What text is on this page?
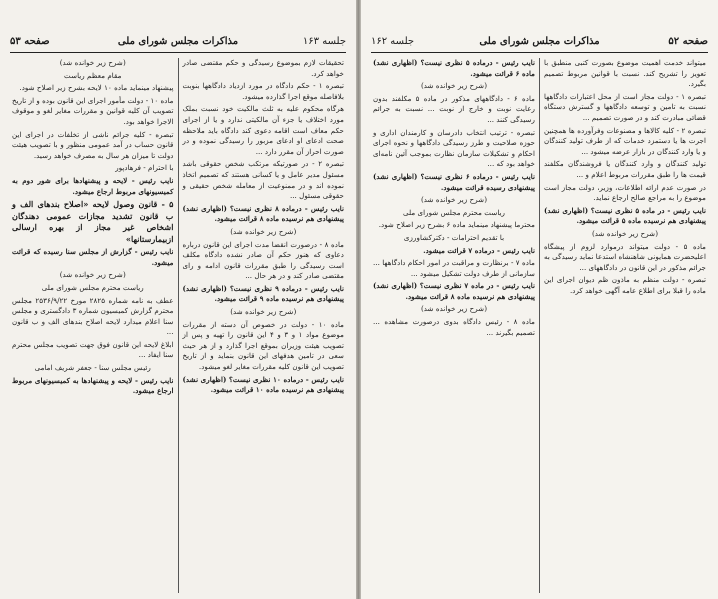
جلسه ۱۶۳
مذاکرات مجلس شورای ملی
صفحه ۵۳

تحقیقات لازم بموضوع رسیدگی و حکم مقتضی صادر خواهد کرد.

تبصره ۱ - حکم دادگاه در مورد ازدیاد دادگاهها بنوبت بلافاصله موقع اجرا گذارده میشود.

هرگاه محکوم علیه به ثلث مالکیت خود نسبت بملک مورد اختلاف یا جزء آن مالکیتی ندارد و یا از اجرای حکم معاف است اقامه دعوی کند دادگاه باید ملاحظه صحت ادعای او ادعای مزبور را رسیدگی نموده و در صورت احراز آن مقرر دارد ...

تبصره ۲ - در صورتیکه مرتکب شخص حقوقی باشد مسئول مدیر عامل و یا کسانی هستند که تصمیم اتخاذ نموده اند و در ممنوعیت از معامله شخص حقیقی و حقوقی مسئول ...

نایب رئیس - درماده ۸ نظری نیست؟ (اظهاری نشد) پیشنهادی هم نرسیده ماده ۸ قرائت میشود.

(شرح زیر خوانده شد)

ماده ۸ - درصورت انقضا مدت اجرای این قانون درباره دعاوی که هنوز حکم آن صادر نشده دادگاه مکلف است رسیدگی را طبق مقررات قانون ادامه و رای مقتضی صادر کند و در هر حال ...

نایب رئیس - درماده ۹ نظری نیست؟ (اظهاری نشد) پیشنهادی هم نرسیده ماده ۹ قرائت میشود.

(شرح زیر خوانده شد)

ماده ۱۰ - دولت در خصوص آن دسته از مقررات موضوع مواد ۱ و ۳ و ۴ این قانون را تهیه و پس از تصویب هیئت وزیران بموقع اجرا گذارد و از هر حیث سعی در تامین هدفهای این قانون بنماید و از تاریخ تصویب این قانون کلیه مقررات مغایر لغو میشود.

نایب رئیس - درماده ۱۰ نظری نیست؟ (اظهاری نشد) پیشنهادی هم نرسیده ماده ۱۰ قرائت میشود.

(شرح زیر خوانده شد)

مقام معظم ریاست

پیشنهاد مینماید ماده ۱۰ لایحه بشرح زیر اصلاح شود.

ماده ۱۰ - دولت مأمور اجرای این قانون بوده و از تاریخ تصویب آن کلیه قوانین و مقررات مغایر لغو و موقوف الاجرا خواهد بود.

تبصره - کلیه جرائم ناشی از تخلفات در اجرای این قانون حساب در آمد عمومی منظور و با تصویب هیئت دولت تا میزان هر سال به مصرف خواهد رسید.

با احترام - فرهادپور

نایب رئیس - لایحه و پیشنهادها برای شور دوم به کمیسیونهای مربوط ارجاع میشود.

۵ - قانون وصول لایحه «اصلاح بندهای الف و ب قانون تشدید مجازات عمومی دهندگان اشخاص غیر مجاز از بهره ارسالی ازبیمارستانها»

نایب رئیس - گزارش از مجلس سنا رسیده که قرائت میشود.

(شرح زیر خوانده شد)

ریاست محترم مجلس شورای ملی

عطف به نامه شماره ۲۸۲۵ مورخ ۲۵۳۶/۹/۲۲ مجلس محترم گزارش کمیسیون شماره ۳ دادگستری و مجلس سنا اعلام میدارد لایحه اصلاح بندهای الف و ب قانون ...

ابلاغ لایحه این قانون فوق جهت تصویب مجلس محترم سنا ایفاد ...

رئیس مجلس سنا - جعفر شریف امامی

نایب رئیس - لایحه و پیشنهادها به کمیسیونهای مربوط ارجاع میشود.

صفحه ۵۲
مذاکرات مجلس شورای ملی
جلسه ۱۶۲

میتواند خدمت اهمیت موضوع بصورت کتبی منطبق با تعویز را تشریح کند. نسبت با قوانین مربوط تصمیم بگیرد.

تبصره ۱ - دولت مجاز است از محل اعتبارات دادگاهها نسبت به تامین و توسعه دادگاهها و گسترش دستگاه قضائی مبادرت کند و در صورت تصمیم ...

تبصره ۲ - کلیه کالاها و مصنوعات وفرآورده ها همچنین اجرت ها یا دستمزد خدمات که از طرف تولید کنندگان و یا وارد کنندگان در بازار عرضه میشود ...

تولید کنندگان و وارد کنندگان یا فروشندگان مکلفند قیمت ها را طبق مقررات مربوط اعلام و ...

در صورت عدم ارائه اطلاعات، وزیر، دولت مجاز است موضوع را به مراجع صالح ارجاع نماید.

نایب رئیس - در ماده ۵ نظری نیست؟ (اظهاری نشد) پیشنهادی هم نرسیده ماده ۵ قرائت میشود.

(شرح زیر خوانده شد)

ماده ۵ - دولت میتواند درموارد لزوم از پیشگاه اعلیحضرت همایونی شاهنشاه استدعا نماید رسیدگی به جرائم مذکور در این قانون در دادگاههای ...

تبصره - دولت منظم به ماذون ظم دیوان اجرای این ماده را قبلا برای اطلاع عامه آگهی خواهد کرد.

نایب رئیس - درماده ۵ نظری نیست؟ (اظهاری نشد) ماده ۶ قرائت میشود.

(شرح زیر خوانده شد)

ماده ۶ - دادگاههای مذکور در ماده ۵ مکلفند بدون رعایت نوبت و خارج از نوبت ... نسبت به جرائم رسیدگی کنند ...

تبصره - ترتیب انتخاب دادرسان و کارمندان اداری و حوزه صلاحیت و طرز رسیدگی دادگاهها و نحوه اجرای احکام و تشکیلات سازمان نظارت بموجب آئین نامه‌ای خواهد بود که ...

نایب رئیس - درماده ۶ نظری نیست؟ (اظهاری نشد) پیشنهادی رسیده قرائت میشود.

(شرح زیر خوانده شد)

ریاست محترم مجلس شورای ملی

محترما پیشنهاد مینماید ماده ۶ بشرح زیر اصلاح شود.

با تقدیم احترامات - دکترکشاورزی

نایب رئیس - درماده ۷ قرائت میشود.

ماده ۷ - برنظارت و مراقبت در امور احکام دادگاهها ... سازمانی از طرف دولت تشکیل میشود ...

نایب رئیس - در ماده ۷ نظری نیست؟ (اظهاری نشد) پیشنهادی هم نرسیده ماده ۸ قرائت میشود.

(شرح زیر خوانده شد)

ماده ۸ - رئیس دادگاه بدوی درصورت مشاهده ... تصمیم بگیرند ...
